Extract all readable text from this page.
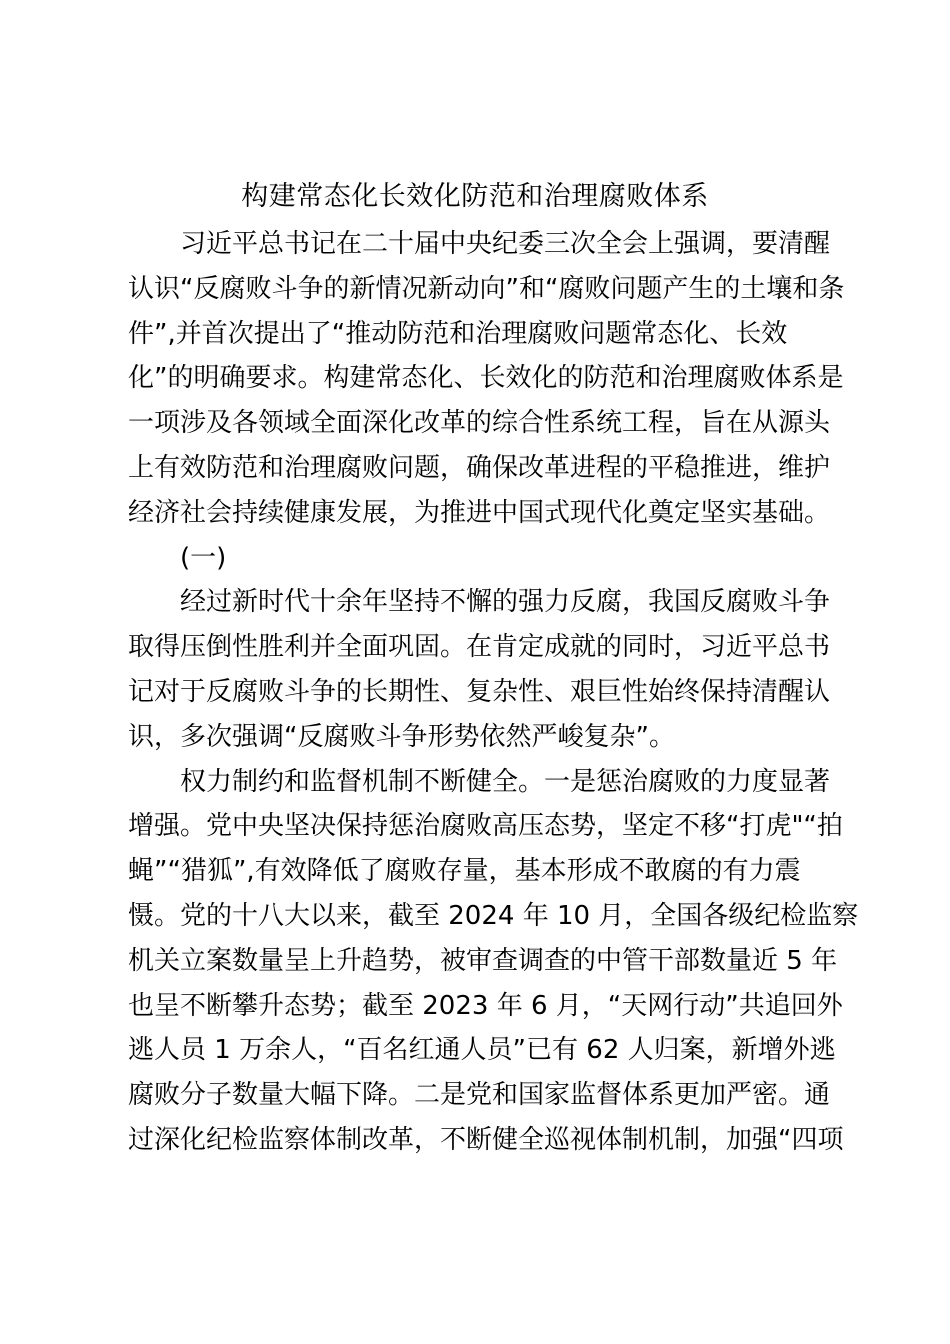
构建常态化长效化防范和治理腐败体系
习近平总书记在二十届中央纪委三次全会上强调，要清醒
认识“反腐败斗争的新情况新动向”和“腐败问题产生的土壤和条
件”,并首次提出了“推动防范和治理腐败问题常态化、长效
化”的明确要求。构建常态化、长效化的防范和治理腐败体系是
一项涉及各领域全面深化改革的综合性系统工程，旨在从源头
上有效防范和治理腐败问题，确保改革进程的平稳推进，维护
经济社会持续健康发展，为推进中国式现代化奠定坚实基础。
(一)
经过新时代十余年坚持不懈的强力反腐，我国反腐败斗争
取得压倒性胜利并全面巩固。在肯定成就的同时，习近平总书
记对于反腐败斗争的长期性、复杂性、艰巨性始终保持清醒认
识，多次强调“反腐败斗争形势依然严峻复杂”。
权力制约和监督机制不断健全。一是惩治腐败的力度显著
增强。党中央坚决保持惩治腐败高压态势，坚定不移“打虎"“拍
蝇”“猎狐”,有效降低了腐败存量，基本形成不敢腐的有力震
慑。党的十八大以来，截至 2024 年 10 月，全国各级纪检监察
机关立案数量呈上升趋势，被审查调查的中管干部数量近 5 年
也呈不断攀升态势；截至 2023 年 6 月，“天网行动”共追回外
逃人员 1 万余人，“百名红通人员”已有 62 人归案，新增外逃
腐败分子数量大幅下降。二是党和国家监督体系更加严密。通
过深化纪检监察体制改革，不断健全巡视体制机制，加强“四项
